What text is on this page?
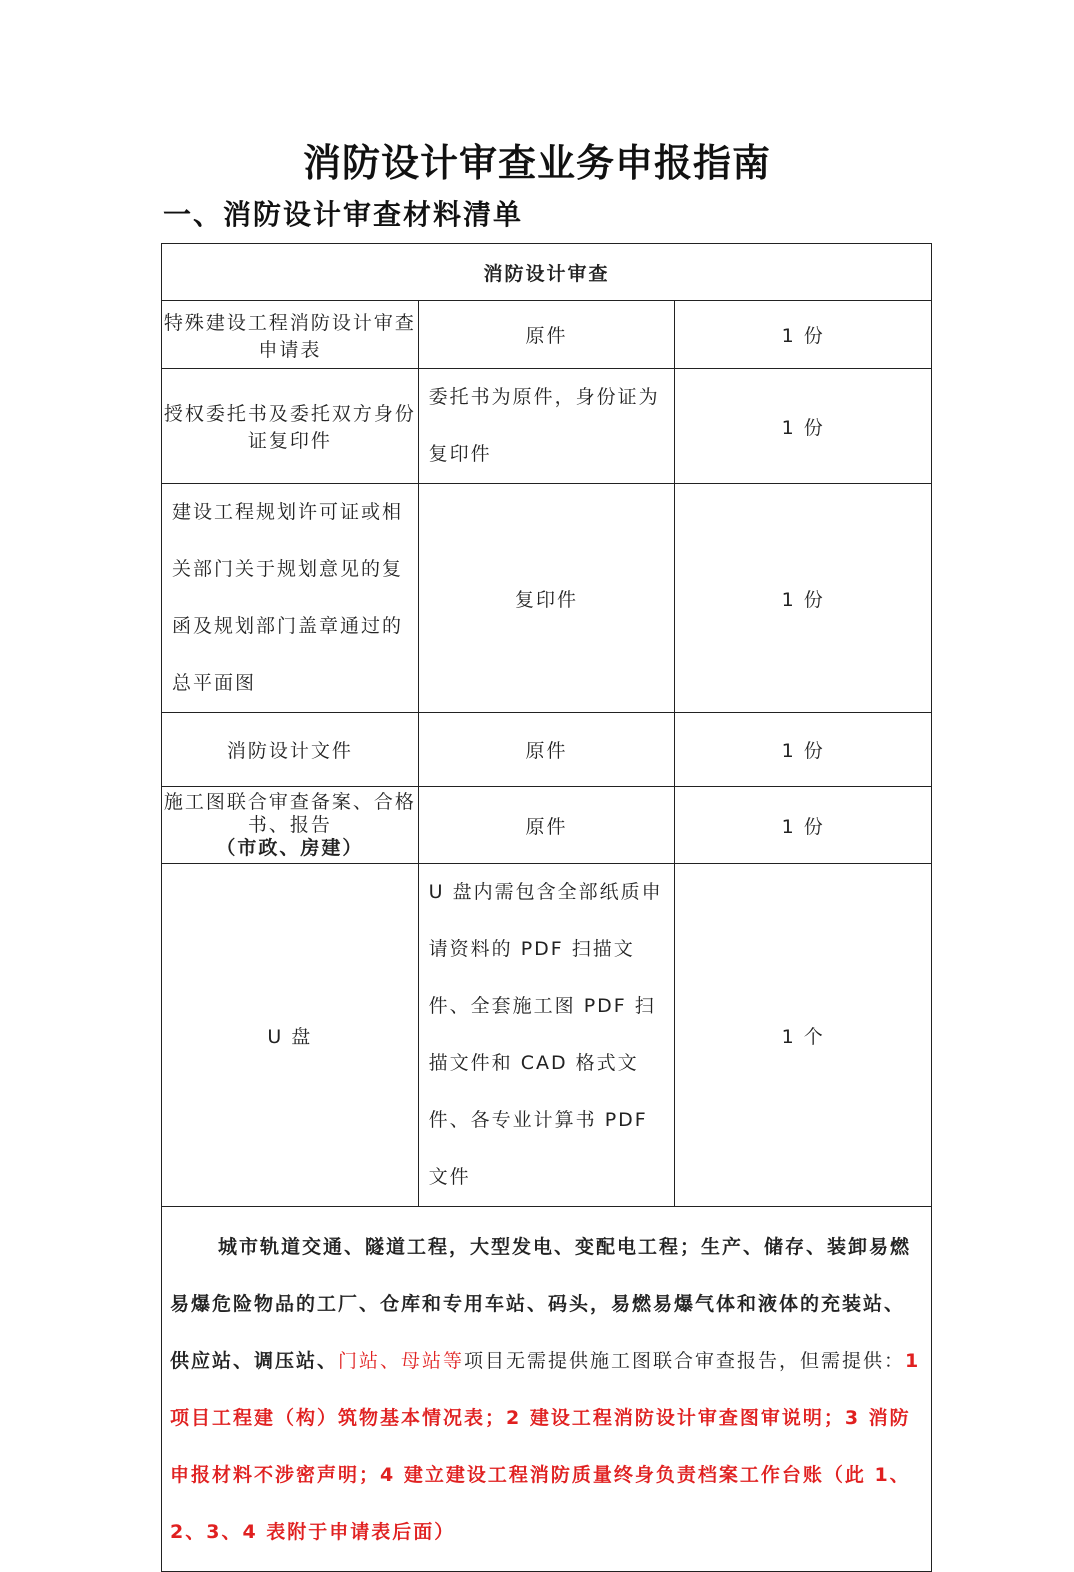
消防设计审查业务申报指南
一、消防设计审查材料清单
消防设计审查		
特殊建设工程消防设计审查申请表	原件	1 份
授权委托书及委托双方身份证复印件	委托书为原件，身份证为复印件	1 份
建设工程规划许可证或相关部门关于规划意见的复函及规划部门盖章通过的总平面图	复印件	1 份
消防设计文件	原件	1 份

施工图联合审查备案、合格书、报告
（市政、房建）	原件	1 份
U 盘	U 盘内需包含全部纸质申请资料的 PDF 扫描文件、全套施工图 PDF 扫描文件和 CAD 格式文件、各专业计算书 PDF 文件	1 个
城市轨道交通、隧道工程，大型发电、变配电工程；生产、储存、装卸易燃易爆危险物品的工厂、仓库和专用车站、码头，易燃易爆气体和液体的充装站、供应站、调压站、门站、母站等项目无需提供施工图联合审查报告，但需提供：1 项目工程建（构）筑物基本情况表；2 建设工程消防设计审查图审说明；3 消防申报材料不涉密声明；4 建立建设工程消防质量终身负责档案工作台账（此 1、2、3、4 表附于申请表后面）		
